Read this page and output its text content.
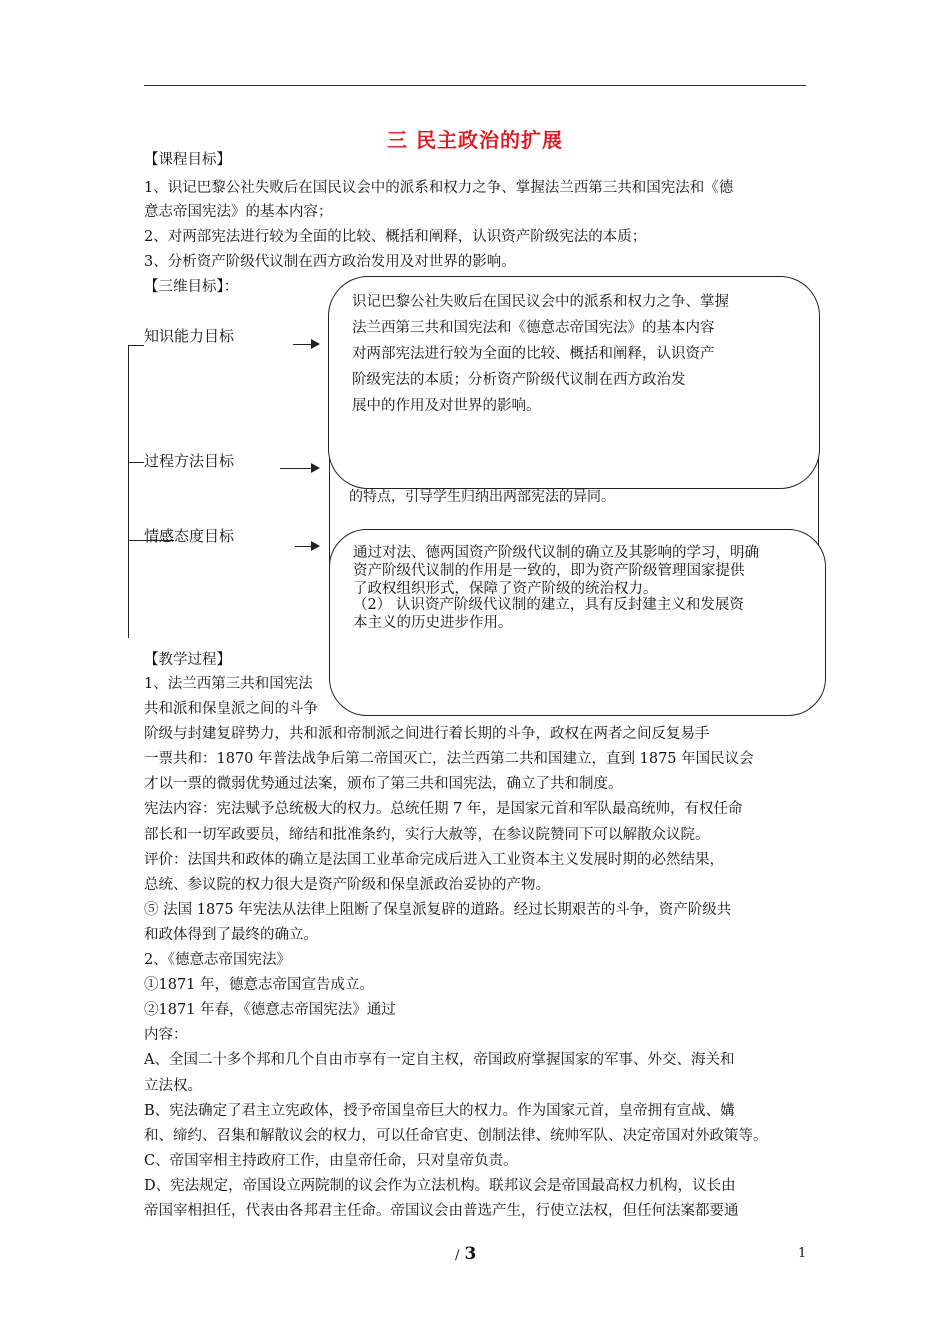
三 民主政治的扩展
【课程目标】
1、识记巴黎公社失败后在国民议会中的派系和权力之争、掌握法兰西第三共和国宪法和《德
意志帝国宪法》的基本内容；
2、对两部宪法进行较为全面的比较、概括和阐释，认识资产阶级宪法的本质；
3、分析资产阶级代议制在西方政治发用及对世界的影响。
【三维目标】：
知识能力目标
过程方法目标
情感态度目标
的特点，引导学生归纳出两部宪法的异同。
识记巴黎公社失败后在国民议会中的派系和权力之争、掌握
法兰西第三共和国宪法和《德意志帝国宪法》的基本内容
对两部宪法进行较为全面的比较、概括和阐释，认识资产
阶级宪法的本质；分析资产阶级代议制在西方政治发
展中的作用及对世界的影响。
通过对法、德两国资产阶级代议制的确立及其影响的学习，明确
资产阶级代议制的作用是一致的，即为资产阶级管理国家提供
了政权组织形式，保障了资产阶级的统治权力。
（2） 认识资产阶级代议制的建立，具有反封建主义和发展资
本主义的历史进步作用。
【教学过程】
1、法兰西第三共和国宪法
共和派和保皇派之间的斗争
阶级与封建复辟势力，共和派和帝制派之间进行着长期的斗争，政权在两者之间反复易手
一票共和：1870 年普法战争后第二帝国灭亡，法兰西第二共和国建立，直到 1875 年国民议会
才以一票的微弱优势通过法案，颁布了第三共和国宪法，确立了共和制度。
宪法内容：宪法赋予总统极大的权力。总统任期 7 年，是国家元首和军队最高统帅，有权任命
部长和一切军政要员，缔结和批准条约，实行大赦等，在参议院赞同下可以解散众议院。
评价：法国共和政体的确立是法国工业革命完成后进入工业资本主义发展时期的必然结果，
总统、参议院的权力很大是资产阶级和保皇派政治妥协的产物。
⑤ 法国 1875 年宪法从法律上阻断了保皇派复辟的道路。经过长期艰苦的斗争，资产阶级共
和政体得到了最终的确立。
2、《德意志帝国宪法》
①1871 年，德意志帝国宣告成立。
②1871 年春，《德意志帝国宪法》通过
内容：
A、全国二十多个邦和几个自由市享有一定自主权，帝国政府掌握国家的军事、外交、海关和
立法权。
B、宪法确定了君主立宪政体，授予帝国皇帝巨大的权力。作为国家元首，皇帝拥有宣战、媾
和、缔约、召集和解散议会的权力，可以任命官吏、创制法律、统帅军队、决定帝国对外政策等。
C、帝国宰相主持政府工作，由皇帝任命，只对皇帝负责。
D、宪法规定，帝国设立两院制的议会作为立法机构。联邦议会是帝国最高权力机构，议长由
帝国宰相担任，代表由各邦君主任命。帝国议会由普选产生，行使立法权，但任何法案都要通
/ 3	1
